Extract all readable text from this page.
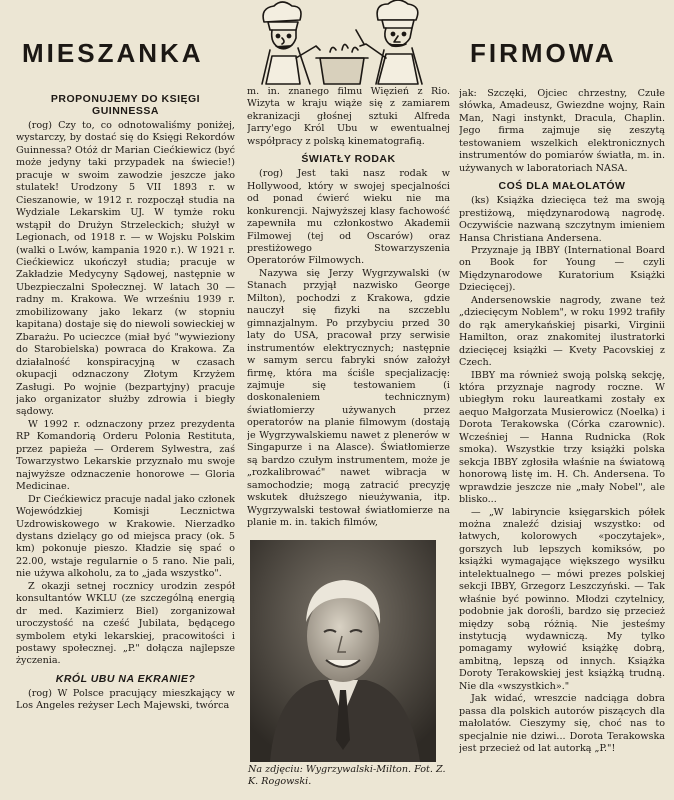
MIESZANKA	FIRMOWA
PROPONUJEMY DO KSIĘGI GUINNESSA

(rog) Czy to, co odnotowaliśmy poniżej, wystarczy, by dostać się do Księgi Rekordów Guinnessa? Otóż dr Marian Ciećkiewicz (być może jedyny taki przypadek na świecie!) pracuje w swoim zawodzie jeszcze jako stulatek! Urodzony 5 VII 1893 r. w Cieszanowie, w 1912 r. rozpoczął studia na Wydziale Lekarskim UJ. W tymże roku wstąpił do Drużyn Strzeleckich; służył w Legionach, od 1918 r. — w Wojsku Polskim (walki o Lwów, kampania 1920 r.). W 1921 r. Ciećkiewicz ukończył studia; pracuje w Zakładzie Medycyny Sądowej, następnie w Ubezpieczalni Społecznej. W latach 30 — radny m. Krakowa. We wrześniu 1939 r. zmobilizowany jako lekarz (w stopniu kapitana) dostaje się do niewoli sowieckiej w Zbarażu. Po ucieczce (miał być "wywieziony do Starobielska) powraca do Krakowa. Za działalność konspiracyjną w czasach okupacji odznaczony Złotym Krzyżem Zasługi. Po wojnie (bezpartyjny) pracuje jako organizator służby zdrowia i biegły sądowy.

W 1992 r. odznaczony przez prezydenta RP Komandorią Orderu Polonia Restituta, przez papieża — Orderem Sylwestra, zaś Towarzystwo Lekarskie przyznało mu swoje najwyższe odznaczenie honorowe — Gloria Medicinae.

Dr Ciećkiewicz pracuje nadal jako członek Wojewódzkiej Komisji Lecznictwa Uzdrowiskowego w Krakowie. Nierzadko dystans dzielący go od miejsca pracy (ok. 5 km) pokonuje pieszo. Kładzie się spać o 22.00, wstaje regularnie o 5 rano. Nie pali, nie używa alkoholu, za to „jada wszystko".

Z okazji setnej rocznicy urodzin zespół konsultantów WKLU (ze szczególną energią dr med. Kazimierz Biel) zorganizował uroczystość na cześć Jubilata, będącego symbolem etyki lekarskiej, pracowitości i postawy społecznej. „P." dołącza najlepsze życzenia.

KRÓL UBU NA EKRANIE?

(rog) W Polsce pracujący mieszkający w Los Angeles reżyser Lech Majewski, twórca

m. in. znanego filmu Więzień z Rio. Wizyta w kraju wiąże się z zamiarem ekranizacji głośnej sztuki Alfreda Jarry'ego Król Ubu w ewentualnej współpracy z polską kinematografią.

ŚWIATŁY RODAK

(rog) Jest taki nasz rodak w Hollywood, który w swojej specjalności od ponad ćwierć wieku nie ma konkurencji. Najwyższej klasy fachowość zapewniła mu członkostwo Akademii Filmowej (tej od Oscarów) oraz prestiżowego Stowarzyszenia Operatorów Filmowych.

Nazywa się Jerzy Wygrzywalski (w Stanach przyjął nazwisko George Milton), pochodzi z Krakowa, gdzie nauczył się fizyki na szczeblu gimnazjalnym. Po przybyciu przed 30 laty do USA, pracował przy serwisie instrumentów elektrycznych; następnie w samym sercu fabryki snów założył firmę, która ma ściśle specjalizację: zajmuje się testowaniem (i doskonaleniem technicznym) światłomierzy używanych przez operatorów na planie filmowym (dostają je Wygrzywalskiemu nawet z plenerów w Singapurze i na Alasce). Światłomierze są bardzo czułym instrumentem, może je „rozkalibrować" nawet wibracja w samochodzie; mogą zatracić precyzję wskutek dłuższego nieużywania, itp. Wygrzywalski testował światłomierze na planie m. in. takich filmów,

Na zdjęciu: Wygrzywalski-Milton. Fot. Z. K. Rogowski.

jak: Szczęki, Ojciec chrzestny, Czułe słówka, Amadeusz, Gwiezdne wojny, Rain Man, Nagi instynkt, Dracula, Chaplin. Jego firma zajmuje się zeszytą testowaniem wszelkich elektronicznych instrumentów do pomiarów światła, m. in. używanych w laboratoriach NASA.

COŚ DLA MAŁOLATÓW

(ks) Książka dziecięca też ma swoją prestiżową, międzynarodową nagrodę. Oczywiście nazwaną szczytnym imieniem Hansa Christiana Andersena.

Przyznaje ją IBBY (International Board on Book for Young — czyli Międzynarodowe Kuratorium Książki Dziecięcej).

Andersenowskie nagrody, zwane też „dziecięcym Noblem", w roku 1992 trafiły do rąk amerykańskiej pisarki, Virginii Hamilton, oraz znakomitej ilustratorki dziecięcej książki — Kvety Pacovskiej z Czech.

IBBY ma również swoją polską sekcję, która przyznaje nagrody roczne. W ubiegłym roku laureatkami zostały ex aequo Małgorzata Musierowicz (Noelka) i Dorota Terakowska (Córka czarownic). Wcześniej — Hanna Rudnicka (Rok smoka). Wszystkie trzy książki polska sekcja IBBY zgłosiła właśnie na światową honorową listę im. H. Ch. Andersena. To wprawdzie jeszcze nie „mały Nobel", ale blisko...

— „W labiryncie księgarskich półek można znaleźć dzisiaj wszystko: od łatwych, kolorowych «poczytajek», gorszych lub lepszych komiksów, po książki wymagające większego wysiłku intelektualnego — mówi prezes polskiej sekcji IBBY, Grzegorz Leszczyński. — Tak właśnie być powinno. Młodzi czytelnicy, podobnie jak dorośli, bardzo się przecież między sobą różnią. Nie jesteśmy instytucją wydawniczą. My tylko pomagamy wyłowić książkę dobrą, ambitną, lepszą od innych. Książka Doroty Terakowskiej jest książką trudną. Nie dla «wszystkich»."

Jak widać, wreszcie nadciąga dobra passa dla polskich autorów piszących dla małolatów. Cieszymy się, choć nas to specjalnie nie dziwi... Dorota Terakowska jest przecież od lat autorką „P."!
